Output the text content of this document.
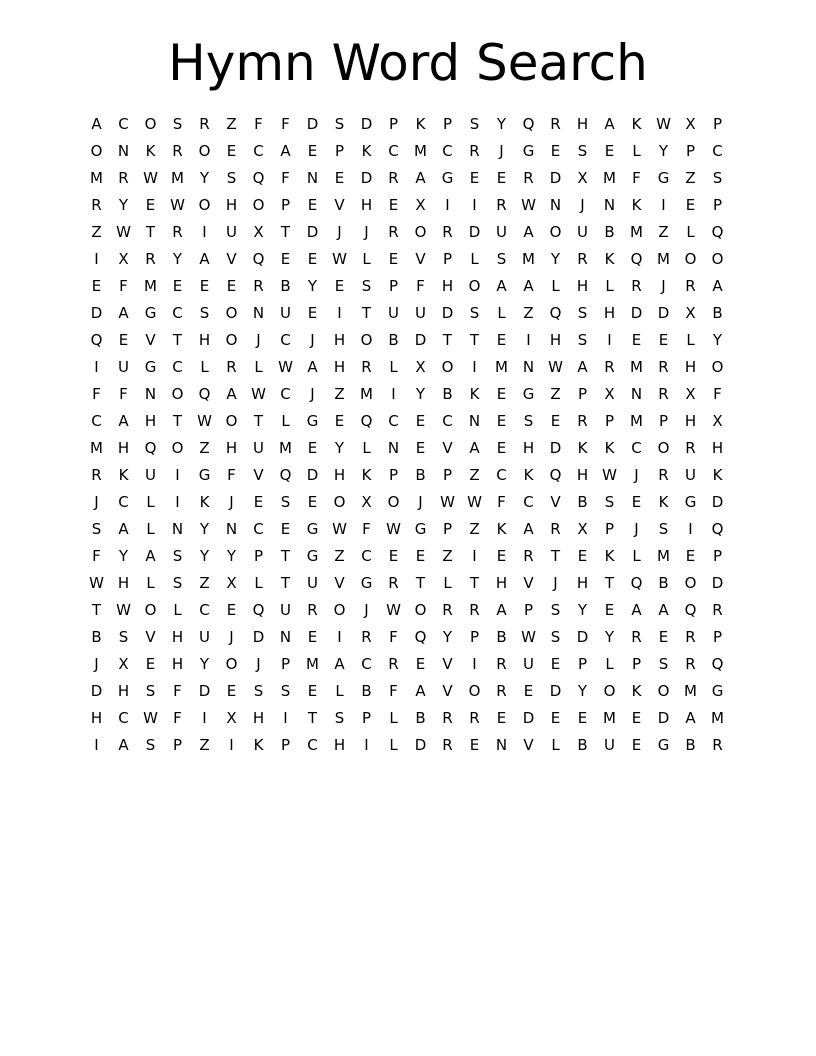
Hymn Word Search
A	C	O	S	R	Z	F	F	D	S	D	P	K	P	S	Y	Q	R	H	A	K W X	P
O	N	K	R	O	E	C	A	E	P	K	C	M	C	R	J	G	E	S	E	L	Y	P	C
M	R W M	Y	S	Q	F	N	E	D	R	A	G	E	E	R	D	X	M	F	G	Z	S
R	Y	E W O	H	O	P	E	V	H	E	X	I	I	R W N	J	N	K	I	E	P
Z W T	R	I	U	X	T	D	J	J	R	O	R	D	U	A	O	U	B	M	Z	L	Q
I	X	R	Y	A	V	Q	E	E W	L	E	V	P	L	S	M	Y	R	K	Q M O	O
E	F	M	E	E	E	R	B	Y	E	S	P	F	H	O	A	A	L	H	L	R	J	R	A
D	A	G	C	S	O	N	U	E	I	T	U	U	D	S	L	Z	Q	S	H	D	D	X	B
Q	E	V	T	H	O	J	C	J	H	O	B	D	T	T	E	I	H	S	I	E	E	L	Y
I	U	G	C	L	R	L	W A	H	R	L	X	O	I	M N W A	R	M	R	H	O
F	F	N	O	Q	A W C	J	Z	M	I	Y	B	K	E	G	Z	P	X	N	R	X	F
C	A	H	T	W O	T	L	G	E	Q	C	E	C	N	E	S	E	R	P	M	P	H	X
M H	Q	O	Z	H	U	M	E	Y	L	N	E	V	A	E	H	D	K	K	C	O	R	H
R	K	U	I	G	F	V	Q	D	H	K	P	B	P	Z	C	K	Q	H W	J	R	U	K
J	C	L	I	K	J	E	S	E	O	X	O	J	W W	F	C	V	B	S	E	K	G	D
S	A	L	N	Y	N	C	E	G W	F	W G	P	Z	K	A	R	X	P	J	S	I	Q
F	Y	A	S	Y	Y	P	T	G	Z	C	E	E	Z	I	E	R	T	E	K	L	M	E	P
W H	L	S	Z	X	L	T	U	V	G	R	T	L	T	H	V	J	H	T	Q	B	O	D
T	W O	L	C	E	Q	U	R	O	J	W O	R	R	A	P	S	Y	E	A	A	Q	R
B	S	V	H	U	J	D	N	E	I	R	F	Q	Y	P	B W S	D	Y	R	E	R	P
J	X	E	H	Y	O	J	P	M	A	C	R	E	V	I	R	U	E	P	L	P	S	R	Q
D	H	S	F	D	E	S	S	E	L	B	F	A	V	O	R	E	D	Y	O	K	O M G
H	C W	F	I	X	H	I	T	S	P	L	B	R	R	E	D	E	E	M	E	D	A	M
I	A	S	P	Z	I	K	P	C	H	I	L	D	R	E	N	V	L	B	U	E	G	B	R
